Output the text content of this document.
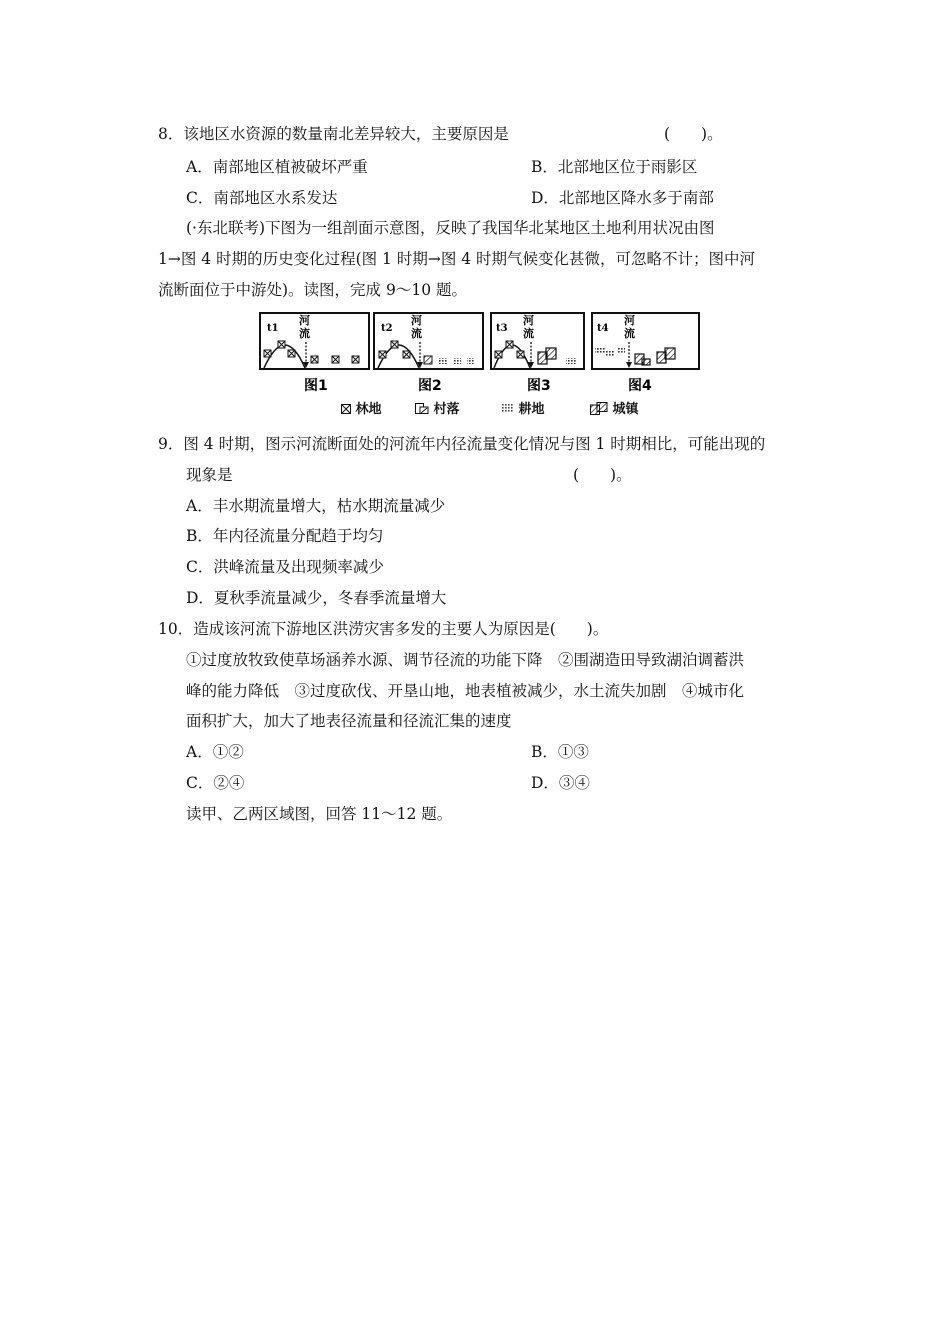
8．该地区水资源的数量南北差异较大，主要原因是	(　　)。
A．南部地区植被破坏严重	B．北部地区位于雨影区
C．南部地区水系发达	D．北部地区降水多于南部
(·东北联考)下图为一组剖面示意图，反映了我国华北某地区土地利用状况由图
1→图 4 时期的历史变化过程(图 1 时期→图 4 时期气候变化甚微，可忽略不计；图中河
流断面位于中游处)。读图，完成 9～10 题。
t1
河
流
图1
t2
河
流
图2
t3
河
流
图3
t4
河
流
图4
林地	村落	耕地	城镇
9．图 4 时期，图示河流断面处的河流年内径流量变化情况与图 1 时期相比，可能出现的
现象是	(　　)。
A．丰水期流量增大，枯水期流量减少
B．年内径流量分配趋于均匀
C．洪峰流量及出现频率减少
D．夏秋季流量减少，冬春季流量增大
10．造成该河流下游地区洪涝灾害多发的主要人为原因是(　　)。
①过度放牧致使草场涵养水源、调节径流的功能下降　②围湖造田导致湖泊调蓄洪
峰的能力降低　③过度砍伐、开垦山地，地表植被减少，水土流失加剧　④城市化
面积扩大，加大了地表径流量和径流汇集的速度
A．①②	B．①③
C．②④	D．③④
读甲、乙两区域图，回答 11～12 题。
